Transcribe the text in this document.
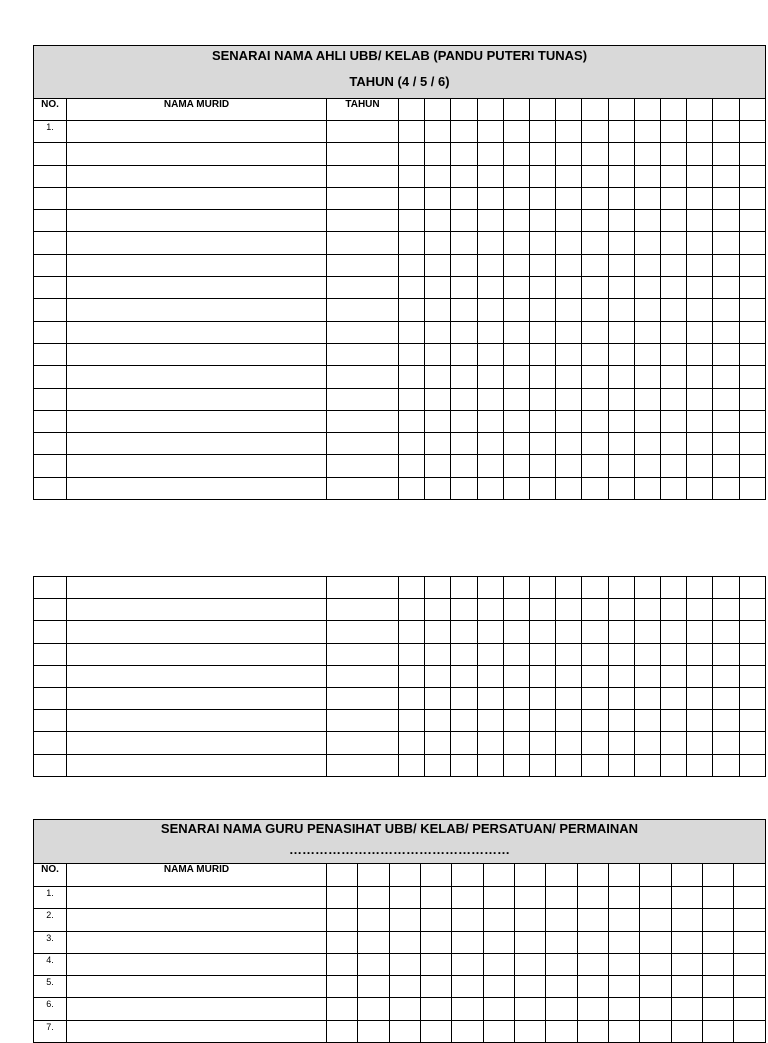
SENARAI NAMA AHLI UBB/ KELAB (PANDU PUTERI TUNAS)
TAHUN (4 / 5 / 6)																

NO.	NAMA MURID	TAHUN														
1.																

SENARAI NAMA GURU PENASIHAT UBB/ KELAB/ PERSATUAN/ PERMAINAN
……………………………………………															

NO.	NAMA MURID														
1.															
2.															
3.															
4.															
5.															
6.															
7.															
